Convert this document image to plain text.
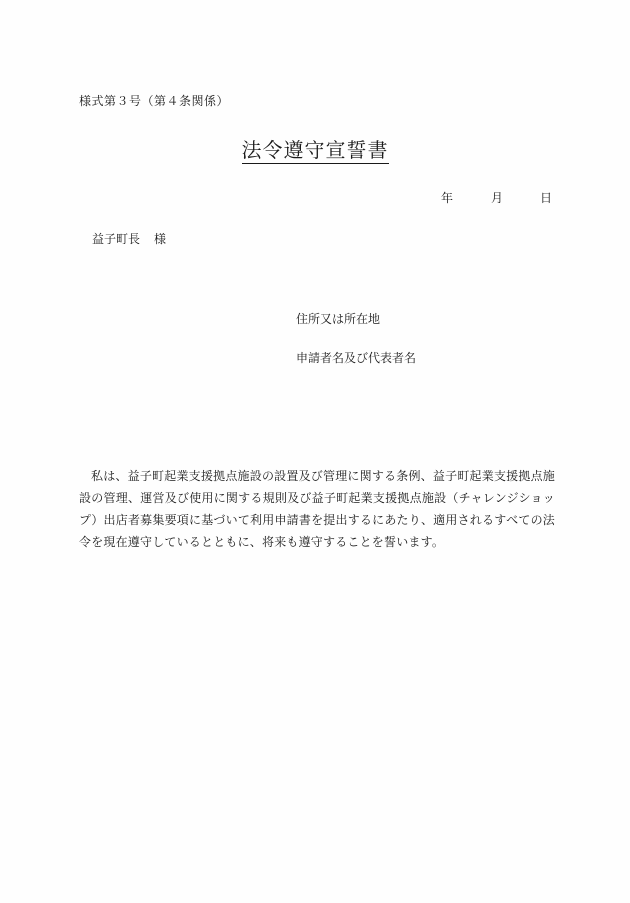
様式第３号（第４条関係）
法令遵守宣誓書
年	月	日
益子町長 様
住所又は所在地
申請者名及び代表者名
私は、益子町起業支援拠点施設の設置及び管理に関する条例、益子町起業支援拠点施設の管理、運営及び使用に関する規則及び益子町起業支援拠点施設（チャレンジショップ）出店者募集要項に基づいて利用申請書を提出するにあたり、適用されるすべての法令を現在遵守しているとともに、将来も遵守することを誓います。
